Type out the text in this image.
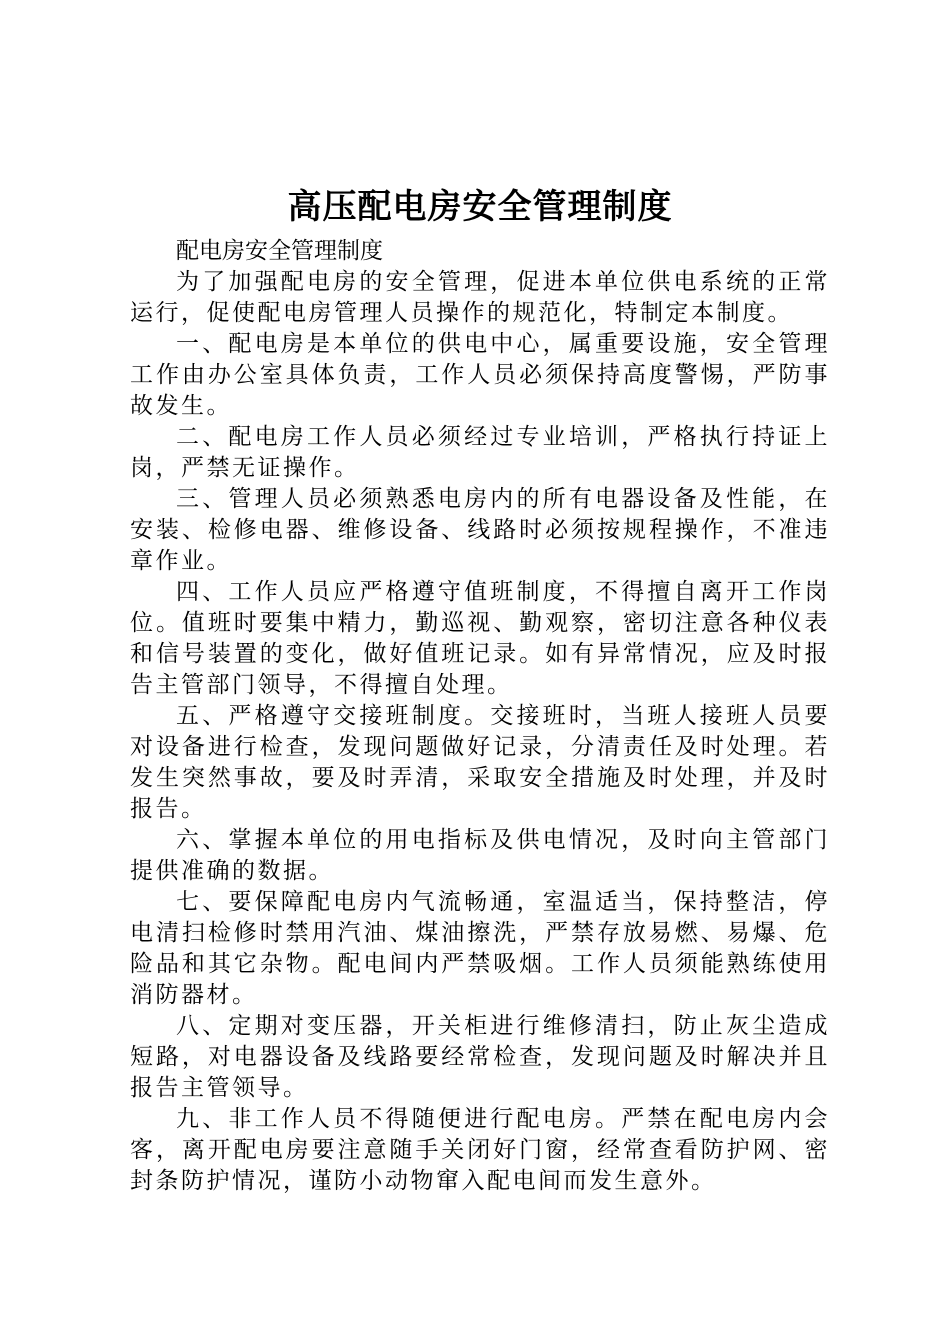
高压配电房安全管理制度

配电房安全管理制度

为了加强配电房的安全管理，促进本单位供电系统的正常运行，促使配电房管理人员操作的规范化，特制定本制度。

一、配电房是本单位的供电中心，属重要设施，安全管理工作由办公室具体负责，工作人员必须保持高度警惕，严防事故发生。

二、配电房工作人员必须经过专业培训，严格执行持证上岗，严禁无证操作。

三、管理人员必须熟悉电房内的所有电器设备及性能，在安装、检修电器、维修设备、线路时必须按规程操作，不准违章作业。

四、工作人员应严格遵守值班制度，不得擅自离开工作岗位。值班时要集中精力，勤巡视、勤观察，密切注意各种仪表和信号装置的变化，做好值班记录。如有异常情况，应及时报告主管部门领导，不得擅自处理。

五、严格遵守交接班制度。交接班时，当班人接班人员要对设备进行检查，发现问题做好记录，分清责任及时处理。若发生突然事故，要及时弄清，采取安全措施及时处理，并及时报告。

六、掌握本单位的用电指标及供电情况，及时向主管部门提供准确的数据。

七、要保障配电房内气流畅通，室温适当，保持整洁，停电清扫检修时禁用汽油、煤油擦洗，严禁存放易燃、易爆、危险品和其它杂物。配电间内严禁吸烟。工作人员须能熟练使用消防器材。

八、定期对变压器，开关柜进行维修清扫，防止灰尘造成短路，对电器设备及线路要经常检查，发现问题及时解决并且报告主管领导。

九、非工作人员不得随便进行配电房。严禁在配电房内会客，离开配电房要注意随手关闭好门窗，经常查看防护网、密封条防护情况，谨防小动物窜入配电间而发生意外。
